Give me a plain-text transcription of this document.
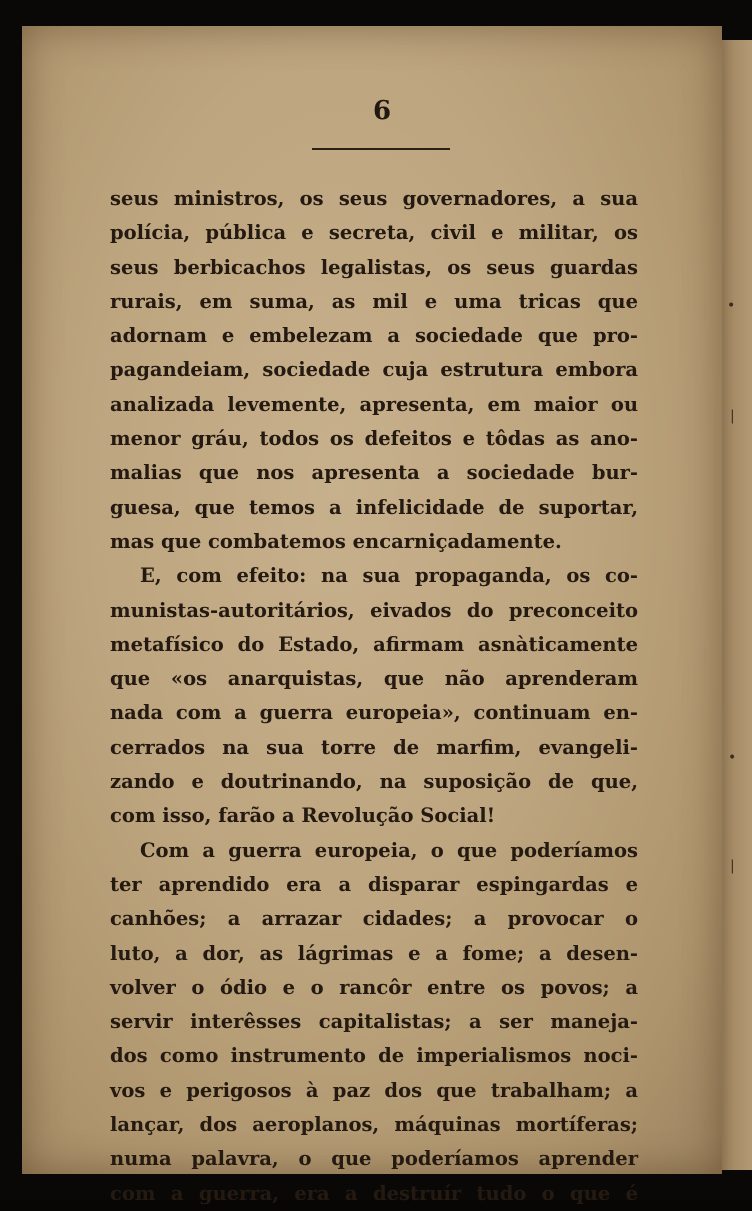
•
|
•
|
6
seus ministros, os seus governadores, a sua
polícia, pública e secreta, civil e militar, os
seus berbicachos legalistas, os seus guardas
rurais, em suma, as mil e uma tricas que
adornam e embelezam a sociedade que pro-
pagandeiam, sociedade cuja estrutura embora
analizada levemente, apresenta, em maior ou
menor gráu, todos os defeitos e tôdas as ano-
malias que nos apresenta a sociedade bur-
guesa, que temos a infelicidade de suportar,
mas que combatemos encarniçadamente.
E, com efeito: na sua propaganda, os co-
munistas-autoritários, eivados do preconceito
metafísico do Estado, afirmam asnàticamente
que «os anarquistas, que não aprenderam
nada com a guerra europeia», continuam en-
cerrados na sua torre de marfim, evangeli-
zando e doutrinando, na suposição de que,
com isso, farão a Revolução Social!
Com a guerra europeia, o que poderíamos
ter aprendido era a disparar espingardas e
canhões; a arrazar cidades; a provocar o
luto, a dor, as lágrimas e a fome; a desen-
volver o ódio e o rancôr entre os povos; a
servir interêsses capitalistas; a ser maneja-
dos como instrumento de imperialismos noci-
vos e perigosos à paz dos que trabalham; a
lançar, dos aeroplanos, máquinas mortíferas;
numa palavra, o que poderíamos aprender
com a guerra, era a destruír tudo o que é
